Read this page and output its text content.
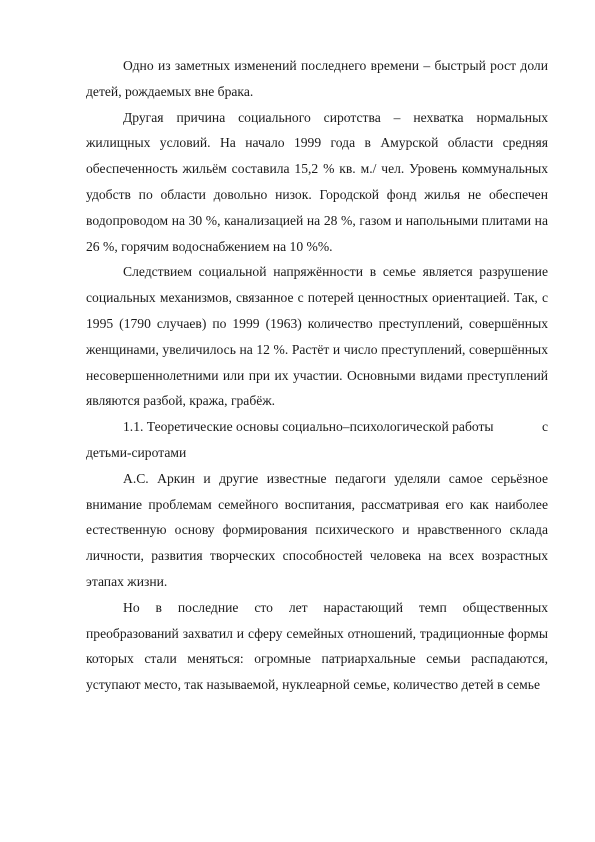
Одно из заметных изменений последнего времени – быстрый рост доли детей, рождаемых вне брака.

Другая причина социального сиротства – нехватка нормальных жилищных условий. На начало 1999 года в Амурской области средняя обеспеченность жильём составила 15,2 % кв. м./ чел. Уровень коммунальных удобств по области довольно низок. Городской фонд жилья не обеспечен водопроводом на 30 %, канализацией на 28 %, газом и напольными плитами на 26 %, горячим водоснабжением на 10 %%.

Следствием социальной напряжённости в семье является разрушение социальных механизмов, связанное с потерей ценностных ориентацией. Так, с 1995 (1790 случаев) по 1999 (1963) количество преступлений, совершённых женщинами, увеличилось на 12 %. Растёт и число преступлений, совершённых несовершеннолетними или при их участии. Основными видами преступлений являются разбой, кража, грабёж.

1.1. Теоретические основы социально–психологической работы	с

детьми-сиротами

А.С. Аркин и другие известные педагоги уделяли самое серьёзное внимание проблемам семейного воспитания, рассматривая его как наиболее естественную основу формирования психического и нравственного склада личности, развития творческих способностей человека на всех возрастных этапах жизни.

Но в последние сто лет нарастающий темп общественных преобразований захватил и сферу семейных отношений, традиционные формы которых стали меняться: огромные патриархальные семьи распадаются, уступают место, так называемой, нуклеарной семье, количество детей в семье
